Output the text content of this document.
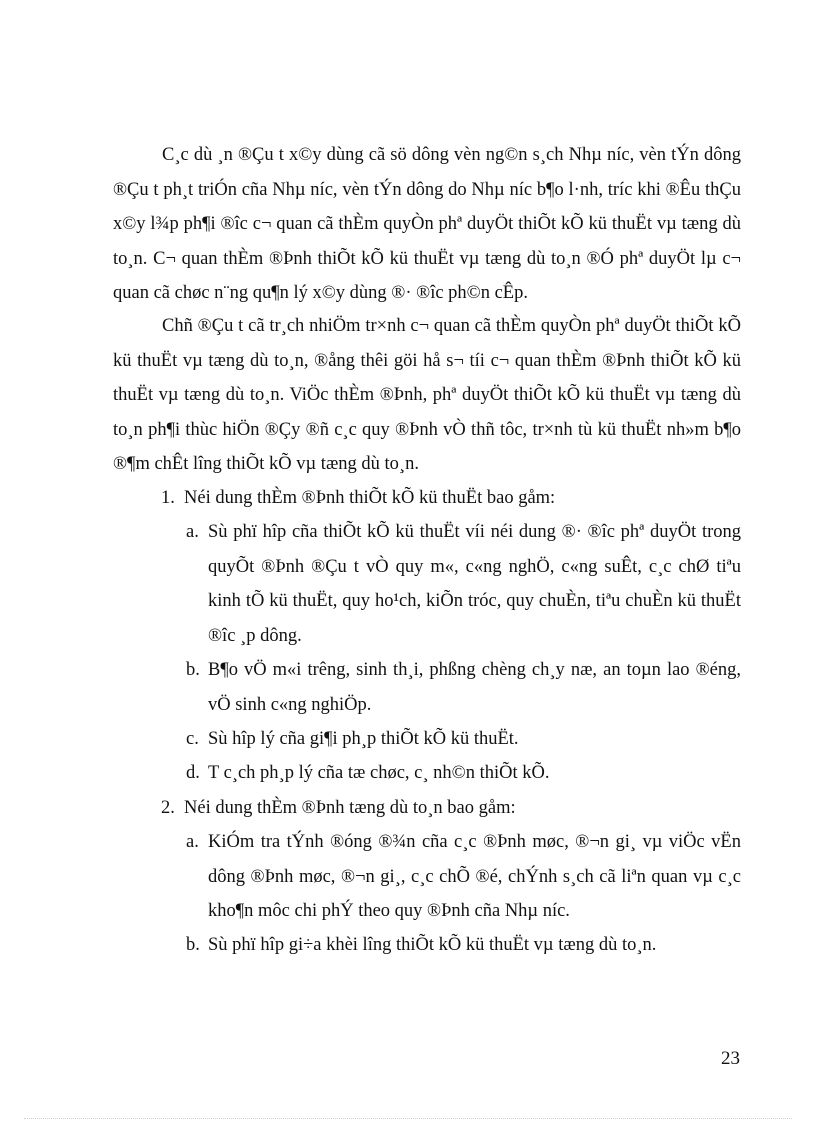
C¸c dù ¸n ®Çu t x©y dùng cã sö dông vèn ng©n s¸ch Nhµ níc, vèn tÝn dông ®Çu t ph¸t triÓn cña Nhµ níc, vèn tÝn dông do Nhµ níc b¶o l·nh, tríc khi ®Êu thÇu x©y l¾p ph¶i ®îc c¬ quan cã thÈm quyÒn phª duyÖt thiÕt kÕ kü thuËt vµ tæng dù to¸n. C¬ quan thÈm ®Þnh thiÕt kÕ kü thuËt vµ tæng dù to¸n ®Ó phª duyÖt lµ c¬ quan cã chøc n¨ng qu¶n lý x©y dùng ®· ®îc ph©n cÊp.

Chñ ®Çu t cã tr¸ch nhiÖm tr×nh c¬ quan cã thÈm quyÒn phª duyÖt thiÕt kÕ kü thuËt vµ tæng dù to¸n, ®ång thêi göi hå s¬ tíi c¬ quan thÈm ®Þnh thiÕt kÕ kü thuËt vµ tæng dù to¸n. ViÖc thÈm ®Þnh, phª duyÖt thiÕt kÕ kü thuËt vµ tæng dù to¸n ph¶i thùc hiÖn ®Çy ®ñ c¸c quy ®Þnh vÒ thñ tôc, tr×nh tù kü thuËt nh»m b¶o ®¶m chÊt lîng thiÕt kÕ vµ tæng dù to¸n.

1. Néi dung thÈm ®Þnh thiÕt kÕ kü thuËt bao gåm:
a. Sù phï hîp cña thiÕt kÕ kü thuËt víi néi dung ®· ®îc phª duyÖt trong quyÕt ®Þnh ®Çu t vÒ quy m«, c«ng nghÖ, c«ng suÊt, c¸c chØ tiªu kinh tÕ kü thuËt, quy ho¹ch, kiÕn tróc, quy chuÈn, tiªu chuÈn kü thuËt ®îc ¸p dông.
b. B¶o vÖ m«i trêng, sinh th¸i, phßng chèng ch¸y næ, an toµn lao ®éng, vÖ sinh c«ng nghiÖp.
c. Sù hîp lý cña gi¶i ph¸p thiÕt kÕ kü thuËt.
d. T c¸ch ph¸p lý cña tæ chøc, c¸ nh©n thiÕt kÕ.
2. Néi dung thÈm ®Þnh tæng dù to¸n bao gåm:
a. KiÓm tra tÝnh ®óng ®¾n cña c¸c ®Þnh møc, ®¬n gi¸ vµ viÖc vËn dông ®Þnh møc, ®¬n gi¸, c¸c chÕ ®é, chÝnh s¸ch cã liªn quan vµ c¸c kho¶n môc chi phÝ theo quy ®Þnh cña Nhµ níc.
b. Sù phï hîp gi÷a khèi lîng thiÕt kÕ kü thuËt vµ tæng dù to¸n.
23
